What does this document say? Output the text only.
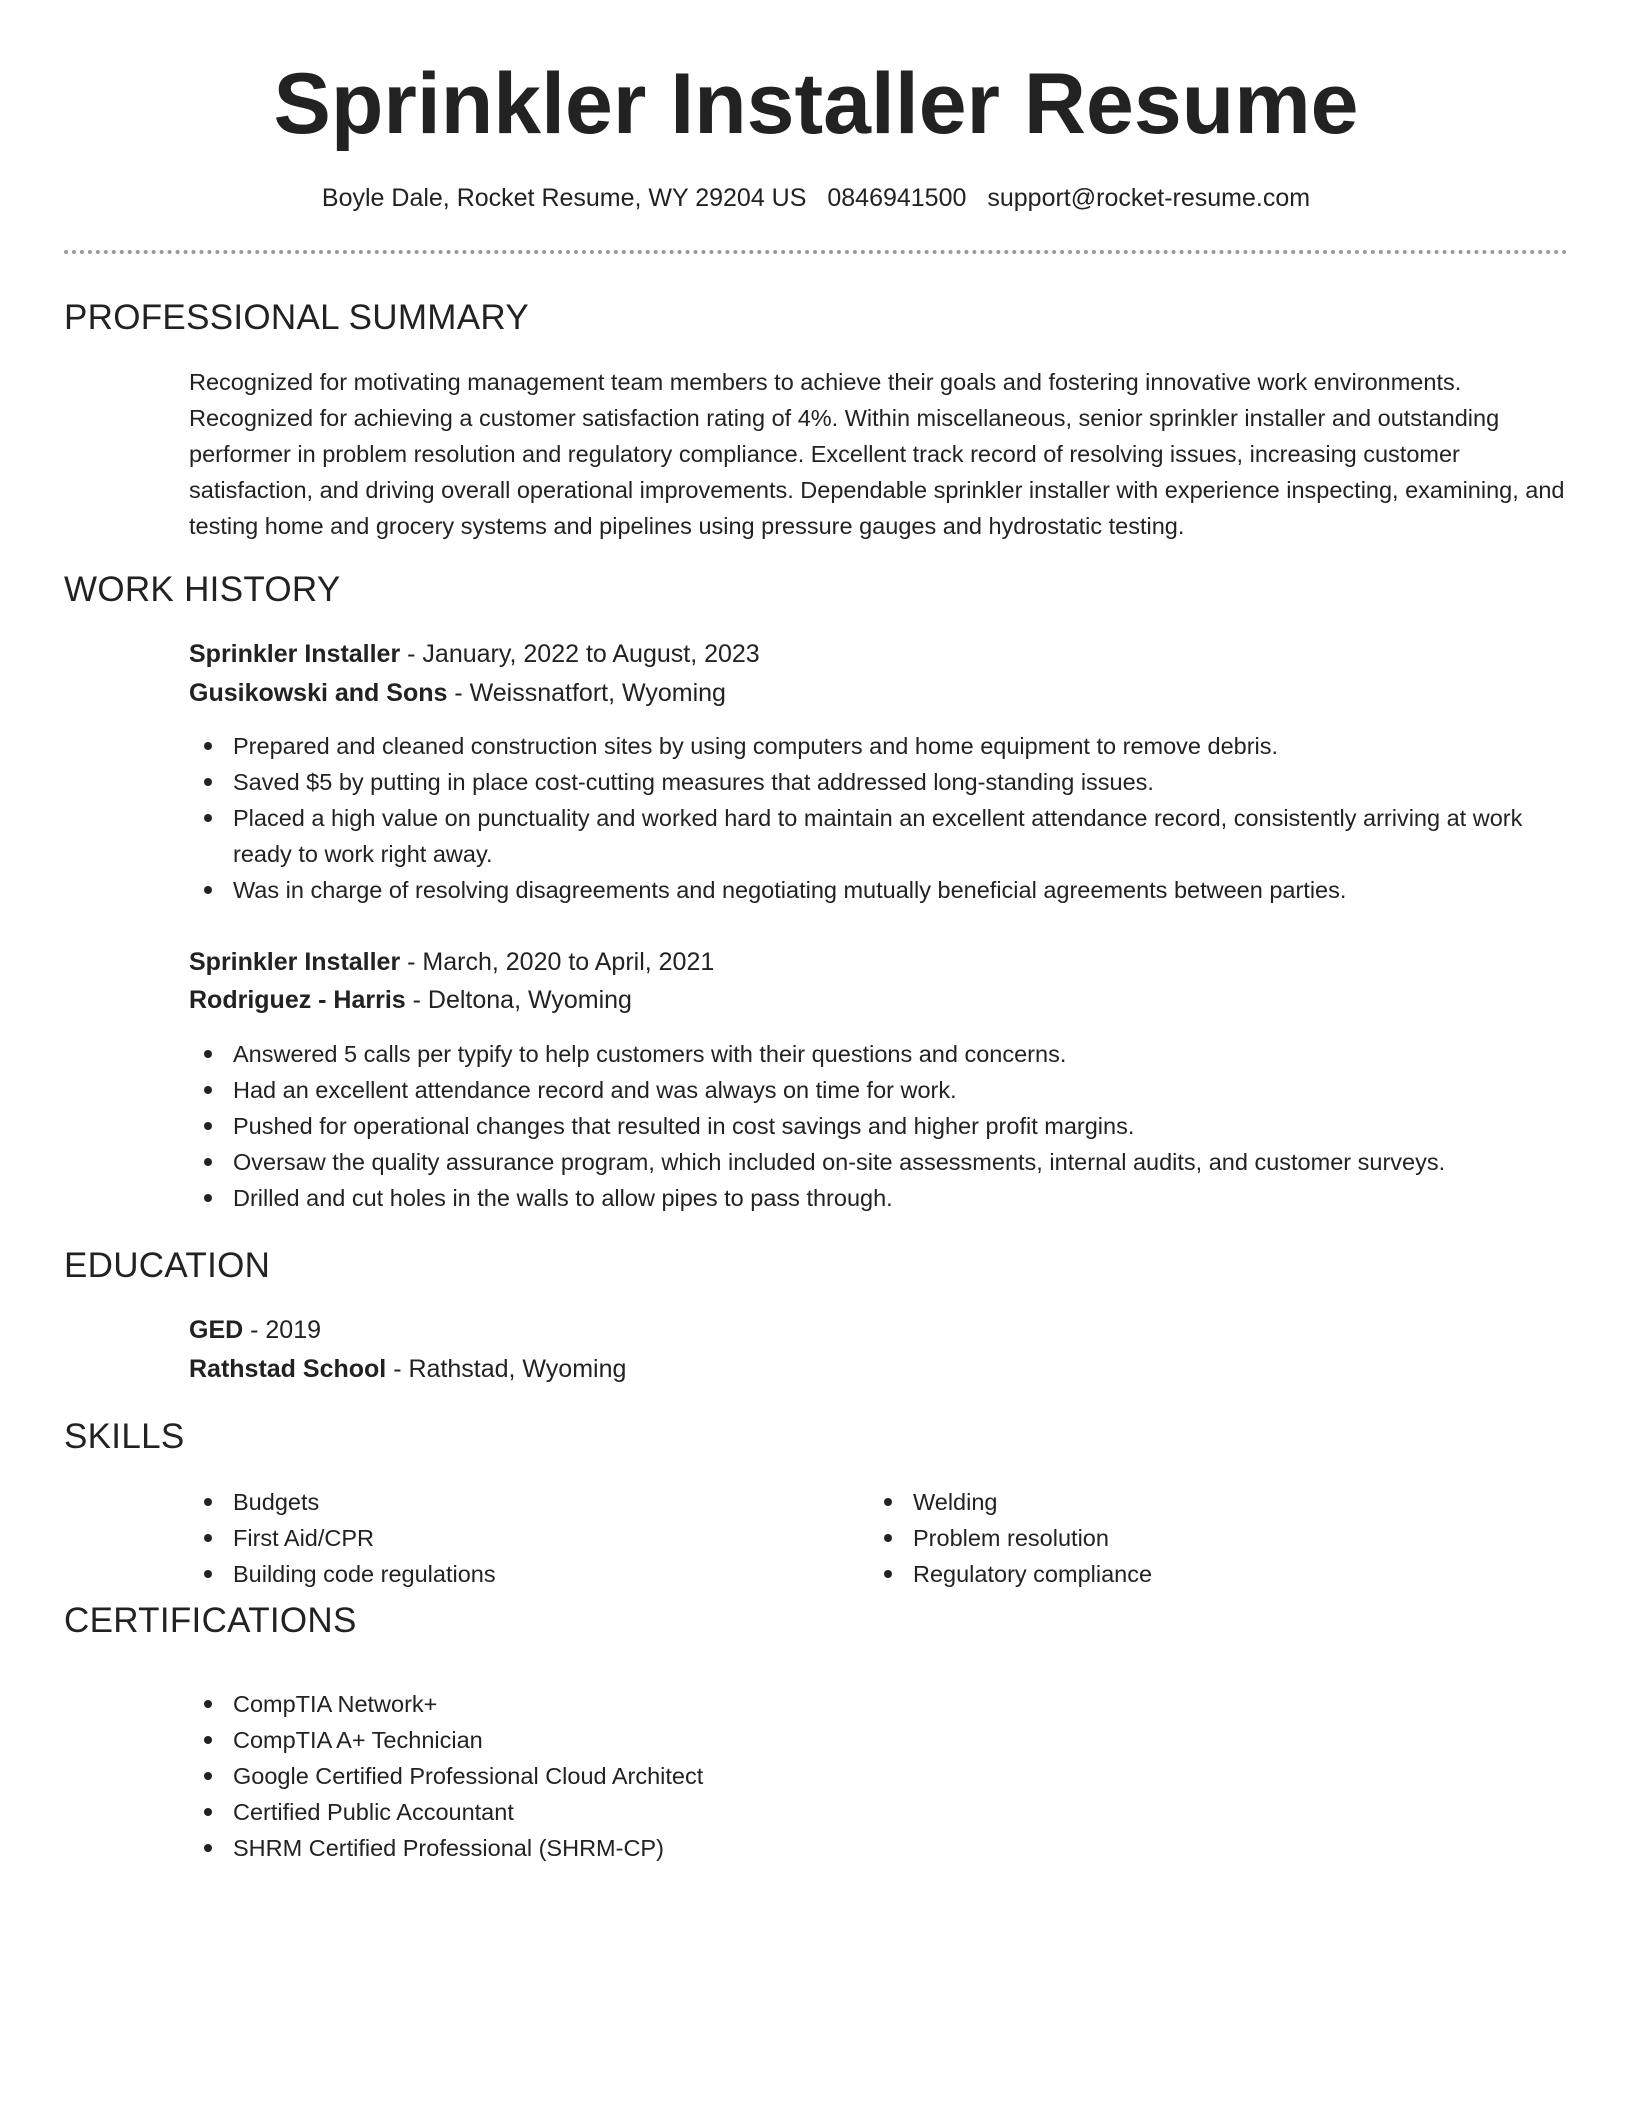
Sprinkler Installer Resume
Boyle Dale, Rocket Resume, WY 29204 US 0846941500 support@rocket-resume.com
PROFESSIONAL SUMMARY
Recognized for motivating management team members to achieve their goals and fostering innovative work environments. Recognized for achieving a customer satisfaction rating of 4%. Within miscellaneous, senior sprinkler installer and outstanding performer in problem resolution and regulatory compliance. Excellent track record of resolving issues, increasing customer satisfaction, and driving overall operational improvements. Dependable sprinkler installer with experience inspecting, examining, and testing home and grocery systems and pipelines using pressure gauges and hydrostatic testing.
WORK HISTORY
Sprinkler Installer - January, 2022 to August, 2023
Gusikowski and Sons - Weissnatfort, Wyoming
Prepared and cleaned construction sites by using computers and home equipment to remove debris.
Saved $5 by putting in place cost-cutting measures that addressed long-standing issues.
Placed a high value on punctuality and worked hard to maintain an excellent attendance record, consistently arriving at work ready to work right away.
Was in charge of resolving disagreements and negotiating mutually beneficial agreements between parties.
Sprinkler Installer - March, 2020 to April, 2021
Rodriguez - Harris - Deltona, Wyoming
Answered 5 calls per typify to help customers with their questions and concerns.
Had an excellent attendance record and was always on time for work.
Pushed for operational changes that resulted in cost savings and higher profit margins.
Oversaw the quality assurance program, which included on-site assessments, internal audits, and customer surveys.
Drilled and cut holes in the walls to allow pipes to pass through.
EDUCATION
GED - 2019
Rathstad School - Rathstad, Wyoming
SKILLS
Budgets
First Aid/CPR
Building code regulations
Welding
Problem resolution
Regulatory compliance
CERTIFICATIONS
CompTIA Network+
CompTIA A+ Technician
Google Certified Professional Cloud Architect
Certified Public Accountant
SHRM Certified Professional (SHRM-CP)
